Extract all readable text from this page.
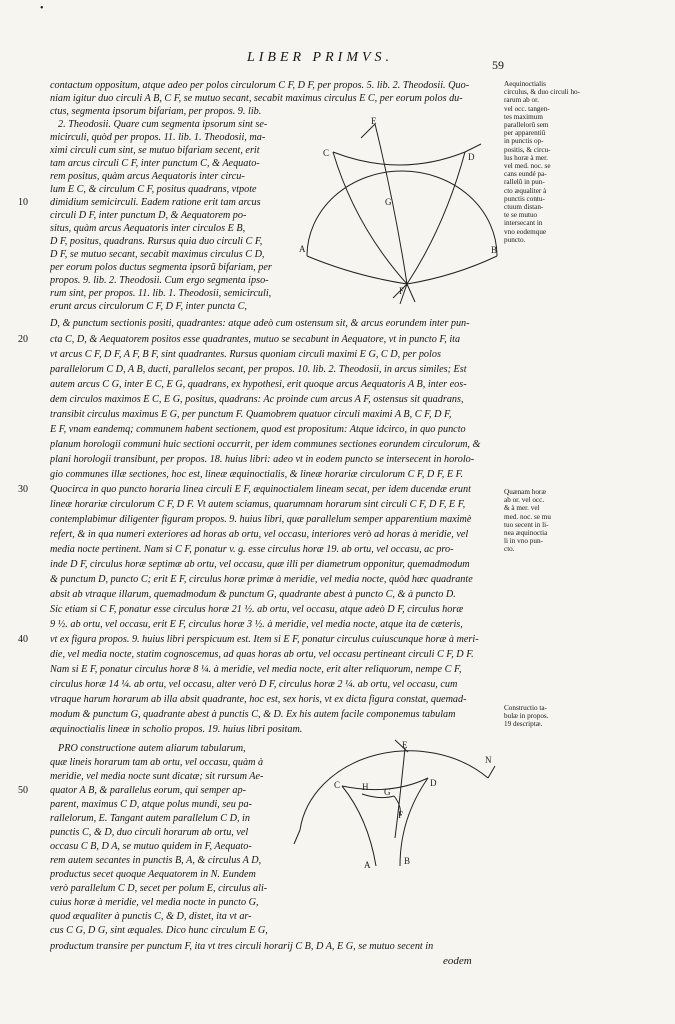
•
LIBER PRIMVS.	59
contactum oppositum, atque adeo per polos circulorum C F, D F, per propos. 5. lib. 2. Theodosii. Quo-
niam igitur duo circuli A B, C F, se mutuo secant, secabit maximus circulus E C, per eorum polos du-
ctus, segmenta ipsorum bifariam, per propos. 9. lib.
2. Theodosii. Quare cum segmenta ipsorum sint se-
micirculi, quòd per propos. 11. lib. 1. Theodosii, ma-
ximi circuli cum sint, se mutuo bifariam secent, erit
tam arcus circuli C F, inter punctum C, & Aequato-
rem positus, quàm arcus Aequatoris inter circu-
lum E C, & circulum C F, positus quadrans, vtpote
10 dimidium semicirculi. Eadem ratione erit tam arcus
circuli D F, inter punctum D, & Aequatorem po-
situs, quàm arcus Aequatoris inter circulos E B,
D F, positus, quadrans. Rursus quia duo circuli C F,
D F, se mutuo secant, secabit maximus circulus C D,
per eorum polos ductus segmenta ipsorũ bifariam, per
propos. 9. lib. 2. Theodosii. Cum ergo segmenta ipso-
rum sint, per propos. 11. lib. 1. Theodosii, semicirculi,
erunt arcus circulorum C F, D F, inter puncta C,
D, & punctum sectionis positi, quadrantes: atque adeò cum ostensum sit, & arcus eorundem inter pun-
20 cta C, D, & Aequatorem positos esse quadrantes, mutuo se secabunt in Aequatore, vt in puncto F, ita
vt arcus C F, D F, A F, B F, sint quadrantes. Rursus quoniam circuli maximi E G, C D, per polos
parallelorum C D, A B, ducti, parallelos secant, per propos. 10. lib. 2. Theodosii, in arcus similes; Est
autem arcus C G, inter E C, E G, quadrans, ex hypothesi, erit quoque arcus Aequatoris A B, inter eos-
dem circulos maximos E C, E G, positus, quadrans: Ac proinde cum arcus A F, ostensus sit quadrans,
transibit circulus maximus E G, per punctum F. Quamobrem quatuor circuli maximi A B, C F, D F,
E F, vnam eandemq; communem habent sectionem, quod est propositum: Atque idcirco, in quo puncto
planum horologii communi huic sectioni occurrit, per idem communes sectiones eorundem circulorum, &
plani horologii transibunt, per propos. 18. huius libri: adeo vt in eodem puncto se intersecent in horolo-
gio communes illæ sectiones, hoc est, lineæ æquinoctialis, & lineæ horariæ circulorum C F, D F, E F.
30 Quocirca in quo puncto horaria linea circuli E F, æquinoctialem lineam secat, per idem ducendæ erunt
lineæ horariæ circulorum C F, D F. Vt autem sciamus, quarumnam horarum sint circuli C F, D F, E F,
contemplabimur diligenter figuram propos. 9. huius libri, quæ parallelum semper apparentium maximè
refert, & in qua numeri exteriores ad horas ab ortu, vel occasu, interiores verò ad horas à meridie, vel
media nocte pertinent. Nam si C F, ponatur v. g. esse circulus horæ 19. ab ortu, vel occasu, ac pro-
inde D F, circulus horæ septimæ ab ortu, vel occasu, quæ illi per diametrum opponitur, quemadmodum
& punctum D, puncto C; erit E F, circulus horæ primæ à meridie, vel media nocte, quòd hæc quadrante
absit ab vtraque illarum, quemadmodum & punctum G, quadrante abest à puncto C, & à puncto D.
Sic etiam si C F, ponatur esse circulus horæ 21 ½. ab ortu, vel occasu, atque adeò D F, circulus horæ
9 ½. ab ortu, vel occasu, erit E F, circulus horæ 3 ½. à meridie, vel media nocte, atque ita de cæteris,
40 vt ex figura propos. 9. huius libri perspicuum est. Item si E F, ponatur circulus cuiuscunque horæ à meri-
die, vel media nocte, statim cognoscemus, ad quas horas ab ortu, vel occasu pertineant circuli C F, D F.
Nam si E F, ponatur circulus horæ 8 ¼. à meridie, vel media nocte, erit alter reliquorum, nempe C F,
circulus horæ 14 ¼. ab ortu, vel occasu, alter verò D F, circulus horæ 2 ¼. ab ortu, vel occasu, cum
vtraque harum horarum ab illa absit quadrante, hoc est, sex horis, vt ex dicta figura constat, quemad-
modum & punctum G, quadrante abest à punctis C, & D. Ex his autem facile componemus tabulam
æquinoctialis lineæ in scholio propos. 19. huius libri positam.
PRO constructione autem aliarum tabularum,
quæ lineis horarum tam ab ortu, vel occasu, quàm à
meridie, vel media nocte sunt dicatæ; sit rursum Ae-
50 quator A B, & parallelus eorum, qui semper ap-
parent, maximus C D, atque polus mundi, seu pa-
rallelorum, E. Tangant autem parallelum C D, in
punctis C, & D, duo circuli horarum ab ortu, vel
occasu C B, D A, se mutuo quidem in F, Aequato-
rem autem secantes in punctis B, A, & circulus A D,
productus secet quoque Aequatorem in N. Eundem
verò parallelum C D, secet per polum E, circulus ali-
cuius horæ à meridie, vel media nocte in puncto G,
quod æqualiter à punctis C, & D, distet, ita vt ar-
cus C G, D G, sint æquales. Dico hunc circulum E G,
productum transire per punctum F, ita vt tres circuli horarij C B, D A, E G, se mutuo secent in
eodem
Aequinoctialis
circulus, & duo circuli ho-
rarum ab or.
vel occ. tangen-
tes maximum
parallelorũ sem
per apparentiũ
in punctis op-
positis, & circu-
lus horæ à mer.
vel med. noc. se
cans eundé pa-
rallelũ in pun-
cto æqualiter à
punctis contu-
ctuum distan-
te se mutuo
intersecant in
vno eodemque
puncto.
Quænam horæ
ab or. vel occ.
& à mer. vel
med. noc. se mu
tuo secent in li-
nea æquinoctia
li in vno pun-
cto.
Constructio ta-
bulæ in propos.
19 descriptæ.
E
C	D
G
A	B
F
E
N
C H G
D
F
A	B
